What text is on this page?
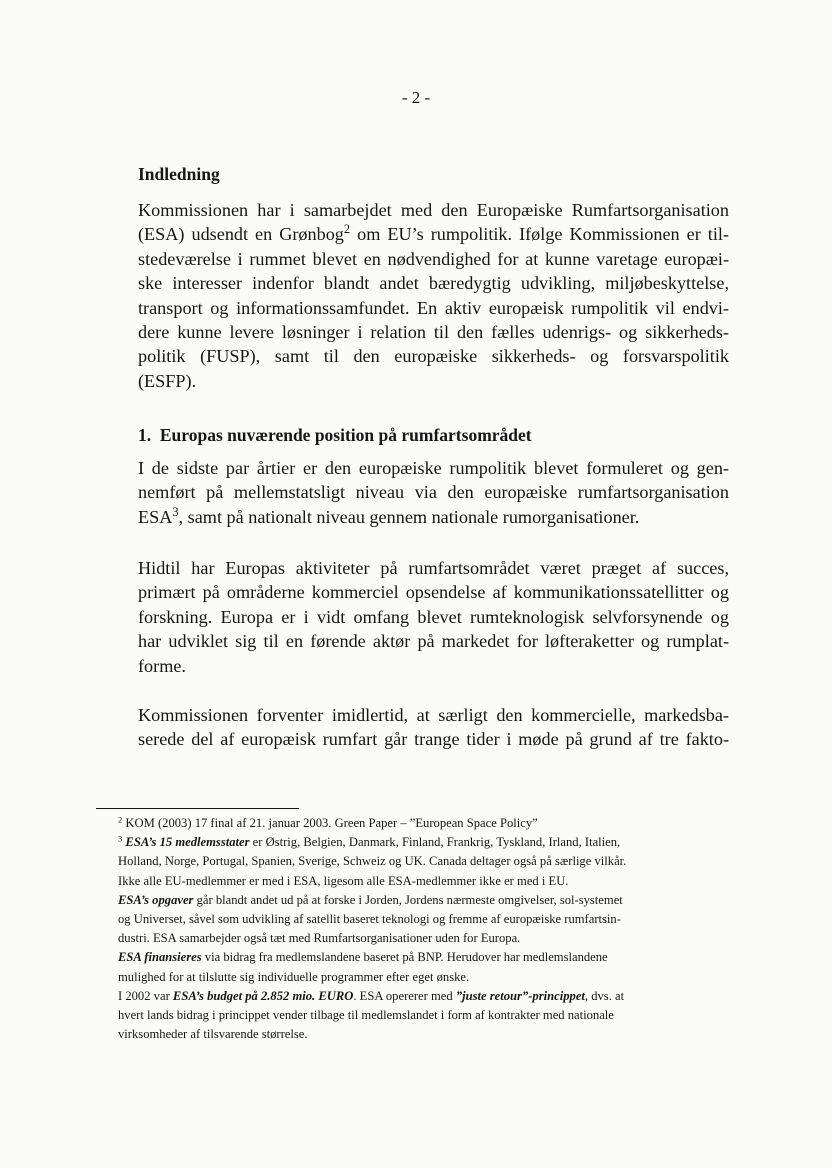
- 2 -
Indledning

Kommissionen har i samarbejdet med den Europæiske Rumfartsorganisation
(ESA) udsendt en Grønbog$^2$ om EU’s rumpolitik. Ifølge Kommissionen er til-
stedeværelse i rummet blevet en nødvendighed for at kunne varetage europæi-
ske interesser indenfor blandt andet bæredygtig udvikling, miljøbeskyttelse,
transport og informationssamfundet. En aktiv europæisk rumpolitik vil endvi-
dere kunne levere løsninger i relation til den fælles udenrigs- og sikkerheds-
politik (FUSP), samt til den europæiske sikkerheds- og forsvarspolitik
(ESFP).

1.  Europas nuværende position på rumfartsområdet

I de sidste par årtier er den europæiske rumpolitik blevet formuleret og gen-
nemført på mellemstatsligt niveau via den europæiske rumfartsorganisation
ESA$^3$, samt på nationalt niveau gennem nationale rumorganisationer.

Hidtil har Europas aktiviteter på rumfartsområdet været præget af succes,
primært på områderne kommerciel opsendelse af kommunikationssatellitter og
forskning. Europa er i vidt omfang blevet rumteknologisk selvforsynende og
har udviklet sig til en førende aktør på markedet for løfteraketter og rumplat-
forme.

Kommissionen forventer imidlertid, at særligt den kommercielle, markedsba-
serede del af europæisk rumfart går trange tider i møde på grund af tre fakto-

$^2$ KOM (2003) 17 final af 21. januar 2003. Green Paper – ”European Space Policy”
$^3$ ESA’s 15 medlemsstater er Østrig, Belgien, Danmark, Finland, Frankrig, Tyskland, Irland, Italien,
Holland, Norge, Portugal, Spanien, Sverige, Schweiz og UK. Canada deltager også på særlige vilkår.
Ikke alle EU-medlemmer er med i ESA, ligesom alle ESA-medlemmer ikke er med i EU.
ESA’s opgaver går blandt andet ud på at forske i Jorden, Jordens nærmeste omgivelser, sol-systemet
og Universet, såvel som udvikling af satellit baseret teknologi og fremme af europæiske rumfartsin-
dustri. ESA samarbejder også tæt med Rumfartsorganisationer uden for Europa.
ESA finansieres via bidrag fra medlemslandene baseret på BNP. Herudover har medlemslandene
mulighed for at tilslutte sig individuelle programmer efter eget ønske.
I 2002 var ESA’s budget på 2.852 mio. EURO. ESA opererer med ”juste retour”-princippet, dvs. at
hvert lands bidrag i princippet vender tilbage til medlemslandet i form af kontrakter med nationale
virksomheder af tilsvarende størrelse.
